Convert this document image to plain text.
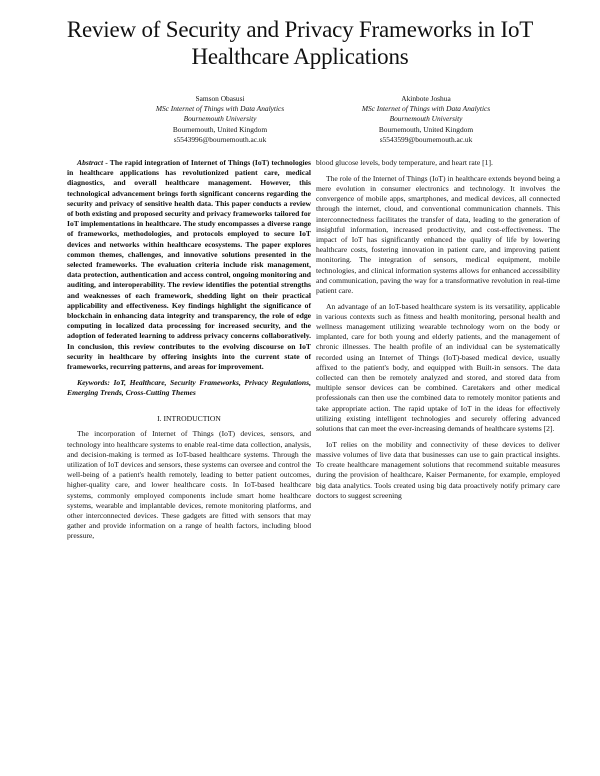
Review of Security and Privacy Frameworks in IoT Healthcare Applications
Samson Obasusi
MSc Internet of Things with Data Analytics
Bournemouth University
Bournemouth, United Kingdom
s5543996@bournemouth.ac.uk
Akinbote Joshua
MSc Internet of Things with Data Analytics
Bournemouth University
Bournemouth, United Kingdom
s5543599@bournemouth.ac.uk

Abstract - The rapid integration of Internet of Things (IoT) technologies in healthcare applications has revolutionized patient care, medical diagnostics, and overall healthcare management. However, this technological advancement brings forth significant concerns regarding the security and privacy of sensitive health data. This paper conducts a review of both existing and proposed security and privacy frameworks tailored for IoT implementations in healthcare. The study encompasses a diverse range of frameworks, methodologies, and protocols employed to secure IoT devices and networks within healthcare ecosystems. The paper explores common themes, challenges, and innovative solutions presented in the selected frameworks. The evaluation criteria include risk management, data protection, authentication and access control, ongoing monitoring and auditing, and interoperability. The review identifies the potential strengths and weaknesses of each framework, shedding light on their practical applicability and effectiveness. Key findings highlight the significance of blockchain in enhancing data integrity and transparency, the role of edge computing in localized data processing for increased security, and the adoption of federated learning to address privacy concerns collaboratively. In conclusion, this review contributes to the evolving discourse on IoT security in healthcare by offering insights into the current state of frameworks, recurring patterns, and areas for improvement.

Keywords: IoT, Healthcare, Security Frameworks, Privacy Regulations, Emerging Trends, Cross-Cutting Themes

I. INTRODUCTION

The incorporation of Internet of Things (IoT) devices, sensors, and technology into healthcare systems to enable real-time data collection, analysis, and decision-making is termed as IoT-based healthcare systems. Through the utilization of IoT devices and sensors, these systems can oversee and control the well-being of a patient's health remotely, leading to better patient outcomes, higher-quality care, and lower healthcare costs. In IoT-based healthcare systems, commonly employed components include smart home healthcare systems, wearable and implantable devices, remote monitoring platforms, and other interconnected devices. These gadgets are fitted with sensors that may gather and provide information on a range of health factors, including blood pressure,

blood glucose levels, body temperature, and heart rate [1].

The role of the Internet of Things (IoT) in healthcare extends beyond being a mere evolution in consumer electronics and technology. It involves the convergence of mobile apps, smartphones, and medical devices, all connected through the internet, cloud, and conventional communication channels. This interconnectedness facilitates the transfer of data, leading to the generation of insightful information, increased productivity, and cost-effectiveness. The impact of IoT has significantly enhanced the quality of life by lowering healthcare costs, fostering innovation in patient care, and improving patient monitoring. The integration of sensors, medical equipment, mobile technologies, and clinical information systems allows for enhanced accessibility and communication, paving the way for a transformative revolution in real-time patient care.

An advantage of an IoT-based healthcare system is its versatility, applicable in various contexts such as fitness and health monitoring, personal health and wellness management utilizing wearable technology worn on the body or implanted, care for both young and elderly patients, and the management of chronic illnesses. The health profile of an individual can be systematically recorded using an Internet of Things (IoT)-based medical device, usually affixed to the patient's body, and equipped with Built-in sensors. The data collected can then be remotely analyzed and stored, and stored data from multiple sensor devices can be combined. Caretakers and other medical professionals can then use the combined data to remotely monitor patients and take appropriate action. The rapid uptake of IoT in the ideas for effectively utilizing existing intelligent technologies and securely offering advanced solutions that can meet the ever-increasing demands of healthcare systems [2].

IoT relies on the mobility and connectivity of these devices to deliver massive volumes of live data that businesses can use to gain practical insights. To create healthcare management solutions that recommend suitable measures during the provision of healthcare, Kaiser Permanente, for example, employed big data analytics. Tools created using big data proactively notify primary care doctors to suggest screening
